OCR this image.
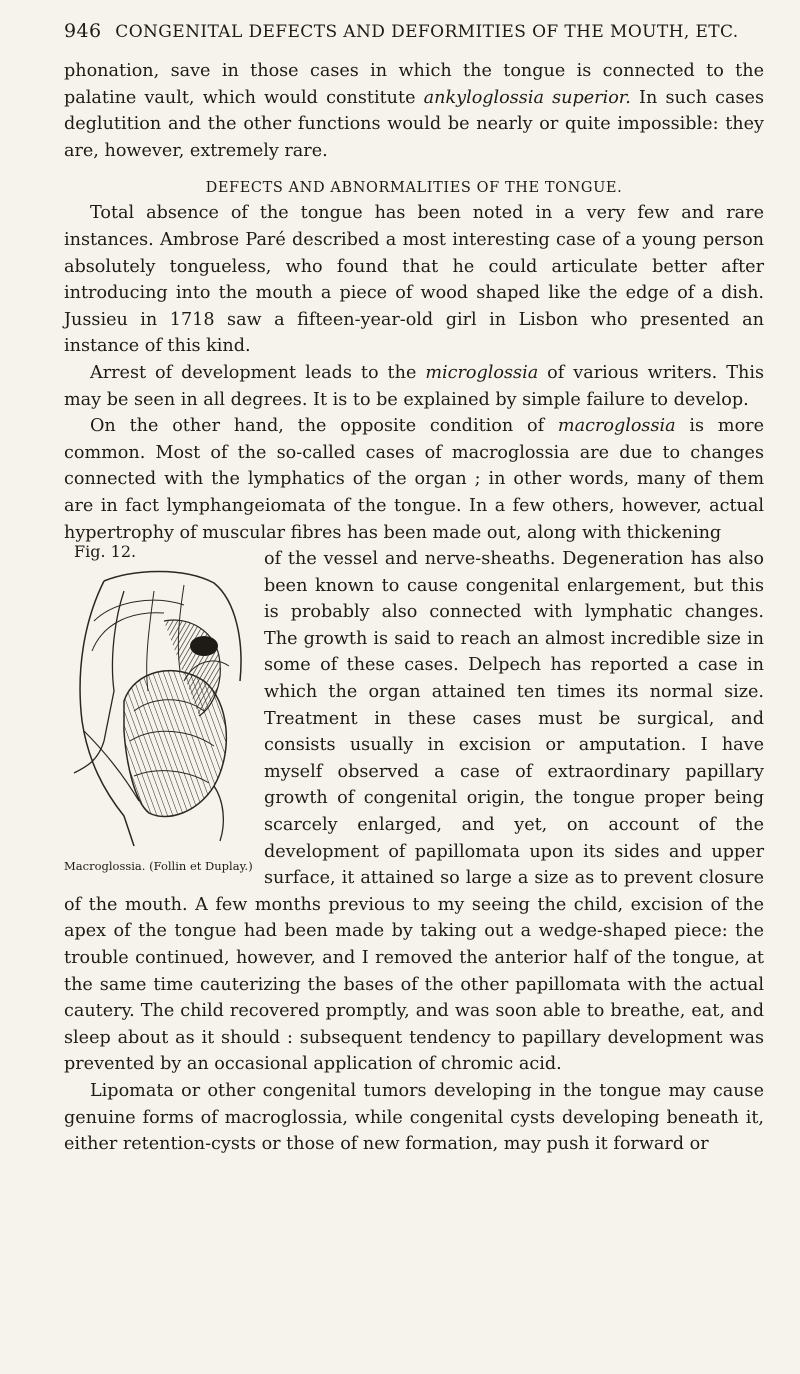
946 CONGENITAL DEFECTS AND DEFORMITIES OF THE MOUTH, ETC.

phonation, save in those cases in which the tongue is connected to the palatine vault, which would constitute ankyloglossia superior. In such cases deglutition and the other functions would be nearly or quite impossible: they are, however, extremely rare.

DEFECTS AND ABNORMALITIES OF THE TONGUE.

Total absence of the tongue has been noted in a very few and rare instances. Ambrose Paré described a most interesting case of a young person absolutely tongueless, who found that he could articulate better after introducing into the mouth a piece of wood shaped like the edge of a dish. Jussieu in 1718 saw a fifteen-year-old girl in Lisbon who presented an instance of this kind.

Arrest of development leads to the microglossia of various writers. This may be seen in all degrees. It is to be explained by simple failure to develop.

On the other hand, the opposite condition of macroglossia is more common. Most of the so-called cases of macroglossia are due to changes connected with the lymphatics of the organ ; in other words, many of them are in fact lymphangeiomata of the tongue. In a few others, however, actual hypertrophy of muscular fibres has been made out, along with thickening

Fig. 12.
Macroglossia. (Follin et Duplay.)

of the vessel and nerve-sheaths. Degeneration has also been known to cause congenital enlargement, but this is probably also connected with lymphatic changes. The growth is said to reach an almost incredible size in some of these cases. Delpech has reported a case in which the organ attained ten times its normal size. Treatment in these cases must be surgical, and consists usually in excision or amputation. I have myself observed a case of extraordinary papillary growth of congenital origin, the tongue proper being scarcely enlarged, and yet, on account of the development of papillomata upon its sides and upper surface, it attained so large a size as to prevent closure of the mouth. A few months previous to my seeing the child, excision of the apex of the tongue had been made by taking out a wedge-shaped piece: the trouble continued, however, and I removed the anterior half of the tongue, at the same time cauterizing the bases of the other papillomata with the actual cautery. The child recovered promptly, and was soon able to breathe, eat, and sleep about as it should : subsequent tendency to papillary development was prevented by an occasional application of chromic acid.

Lipomata or other congenital tumors developing in the tongue may cause genuine forms of macroglossia, while congenital cysts developing beneath it, either retention-cysts or those of new formation, may push it forward or
